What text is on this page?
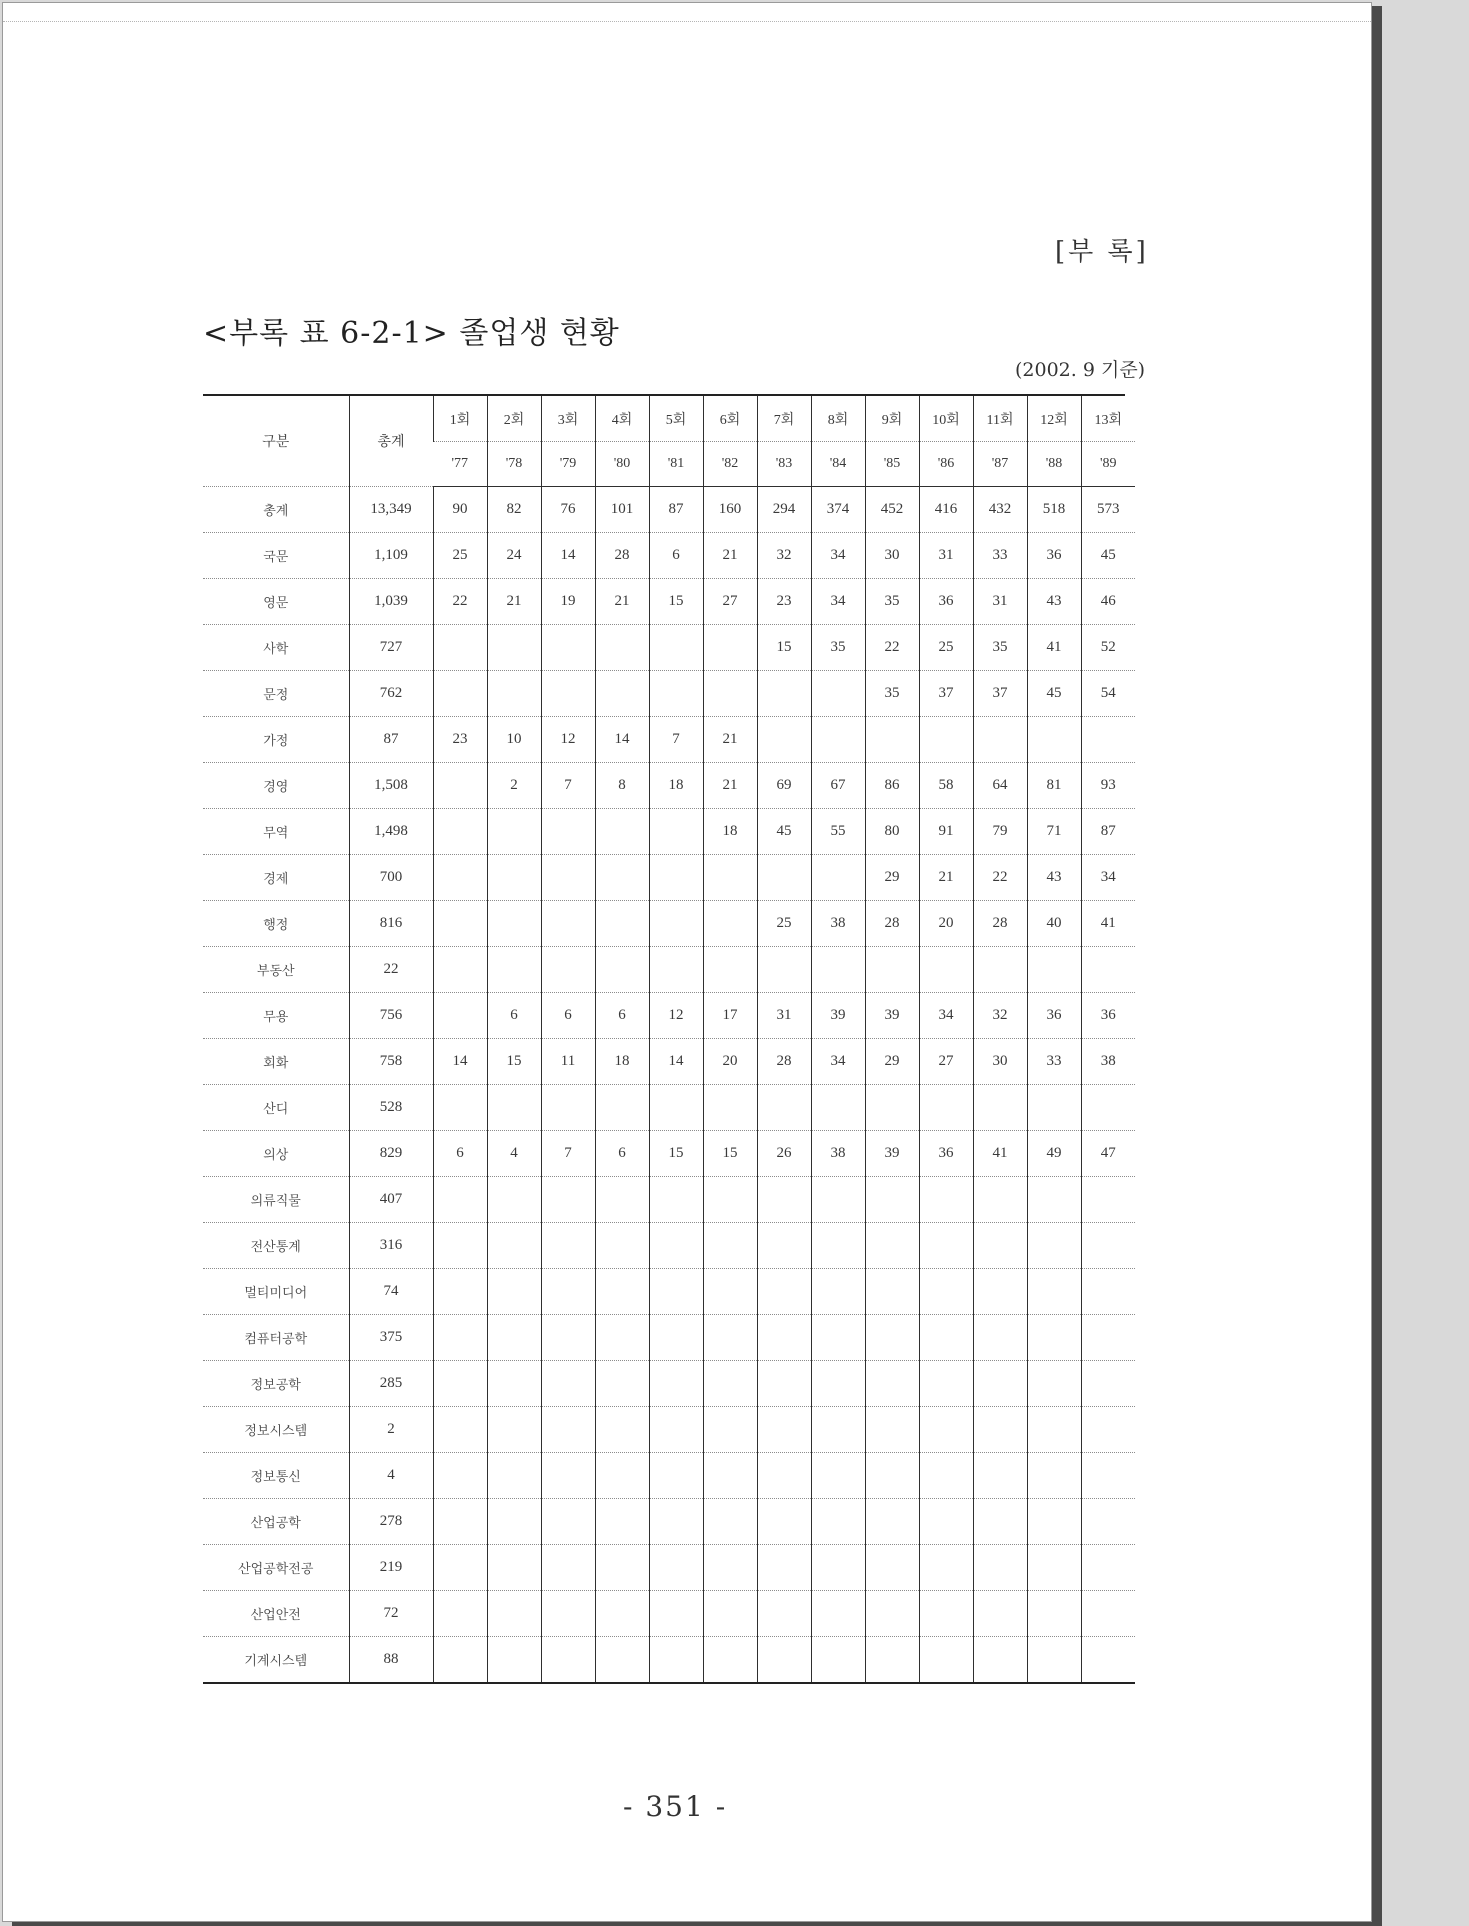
[부 록]
<부록 표 6-2-1> 졸업생 현황
(2002. 9 기준)
구분	총계	1회	2회	3회	4회	5회	6회	7회	8회	9회	10회	11회	12회	13회
		'77	'78	'79	'80	'81	'82	'83	'84	'85	'86	'87	'88	'89
총계	13,349	90	82	76	101	87	160	294	374	452	416	432	518	573
국문	1,109	25	24	14	28	6	21	32	34	30	31	33	36	45
영문	1,039	22	21	19	21	15	27	23	34	35	36	31	43	46
사학	727							15	35	22	25	35	41	52
문정	762									35	37	37	45	54
가정	87	23	10	12	14	7	21							
경영	1,508		2	7	8	18	21	69	67	86	58	64	81	93
무역	1,498						18	45	55	80	91	79	71	87
경제	700									29	21	22	43	34
행정	816							25	38	28	20	28	40	41
부동산	22													
무용	756		6	6	6	12	17	31	39	39	34	32	36	36
회화	758	14	15	11	18	14	20	28	34	29	27	30	33	38
산디	528													
의상	829	6	4	7	6	15	15	26	38	39	36	41	49	47
의류직물	407													
전산통계	316													
멀티미디어	74													
컴퓨터공학	375													
정보공학	285													
정보시스템	2													
정보통신	4													
산업공학	278													
산업공학전공	219													
산업안전	72													
기계시스템	88													
- 351 -
